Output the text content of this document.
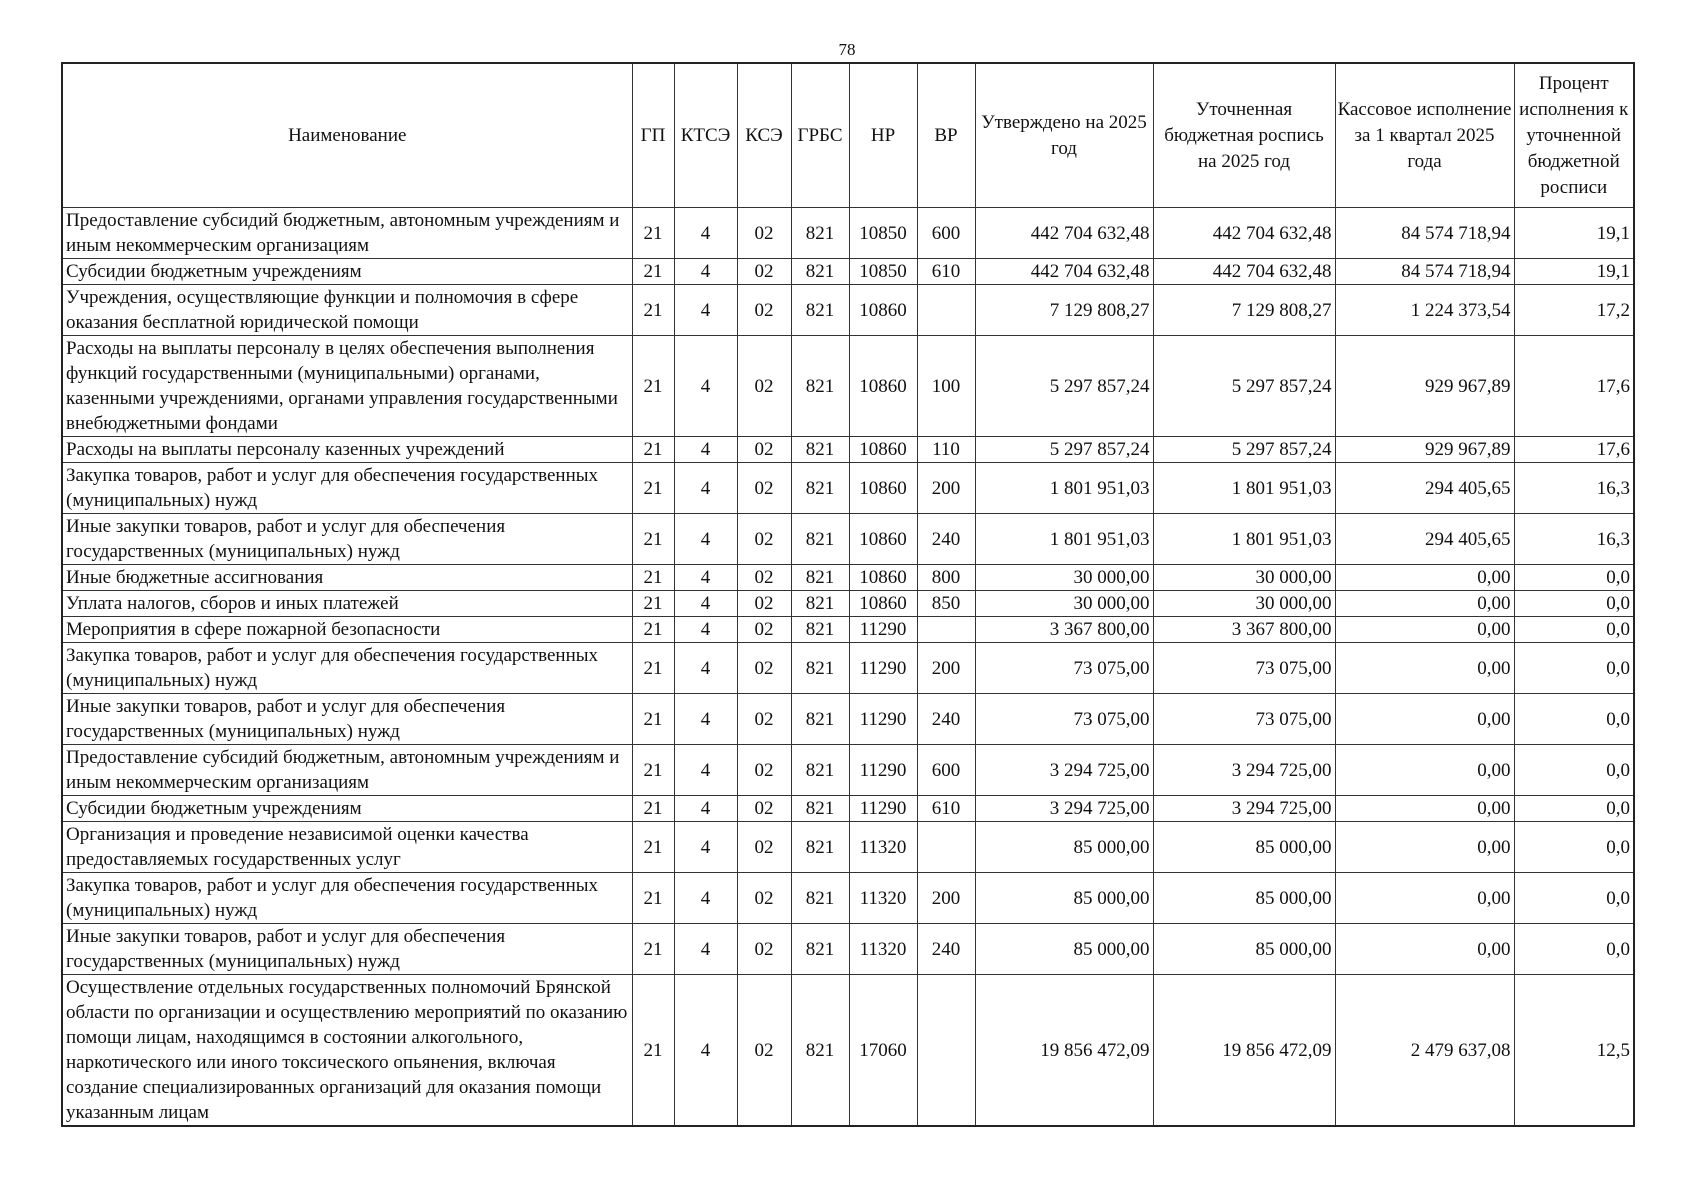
78
Наименование	ГП	КТСЭ	КСЭ	ГРБС	НР	ВР	Утверждено на 2025 год	Уточненная бюджетная роспись на 2025 год	Кассовое исполнение за 1 квартал 2025 года	Процент исполнения к уточненной бюджетной росписи
Предоставление субсидий бюджетным, автономным учреждениям и иным некоммерческим организациям	21	4	02	821	10850	600	442 704 632,48	442 704 632,48	84 574 718,94	19,1
Субсидии бюджетным учреждениям	21	4	02	821	10850	610	442 704 632,48	442 704 632,48	84 574 718,94	19,1
Учреждения, осуществляющие функции и полномочия в сфере оказания бесплатной юридической помощи	21	4	02	821	10860		7 129 808,27	7 129 808,27	1 224 373,54	17,2
Расходы на выплаты персоналу в целях обеспечения выполнения функций государственными (муниципальными) органами, казенными учреждениями, органами управления государственными внебюджетными фондами	21	4	02	821	10860	100	5 297 857,24	5 297 857,24	929 967,89	17,6
Расходы на выплаты персоналу казенных учреждений	21	4	02	821	10860	110	5 297 857,24	5 297 857,24	929 967,89	17,6
Закупка товаров, работ и услуг для обеспечения государственных (муниципальных) нужд	21	4	02	821	10860	200	1 801 951,03	1 801 951,03	294 405,65	16,3
Иные закупки товаров, работ и услуг для обеспечения государственных (муниципальных) нужд	21	4	02	821	10860	240	1 801 951,03	1 801 951,03	294 405,65	16,3
Иные бюджетные ассигнования	21	4	02	821	10860	800	30 000,00	30 000,00	0,00	0,0
Уплата налогов, сборов и иных платежей	21	4	02	821	10860	850	30 000,00	30 000,00	0,00	0,0
Мероприятия в сфере пожарной безопасности	21	4	02	821	11290		3 367 800,00	3 367 800,00	0,00	0,0
Закупка товаров, работ и услуг для обеспечения государственных (муниципальных) нужд	21	4	02	821	11290	200	73 075,00	73 075,00	0,00	0,0
Иные закупки товаров, работ и услуг для обеспечения государственных (муниципальных) нужд	21	4	02	821	11290	240	73 075,00	73 075,00	0,00	0,0
Предоставление субсидий бюджетным, автономным учреждениям и иным некоммерческим организациям	21	4	02	821	11290	600	3 294 725,00	3 294 725,00	0,00	0,0
Субсидии бюджетным учреждениям	21	4	02	821	11290	610	3 294 725,00	3 294 725,00	0,00	0,0
Организация и проведение независимой оценки качества предоставляемых государственных услуг	21	4	02	821	11320		85 000,00	85 000,00	0,00	0,0
Закупка товаров, работ и услуг для обеспечения государственных (муниципальных) нужд	21	4	02	821	11320	200	85 000,00	85 000,00	0,00	0,0
Иные закупки товаров, работ и услуг для обеспечения государственных (муниципальных) нужд	21	4	02	821	11320	240	85 000,00	85 000,00	0,00	0,0
Осуществление отдельных государственных полномочий Брянской области по организации и осуществлению мероприятий по оказанию помощи лицам, находящимся в состоянии алкогольного, наркотического или иного токсического опьянения, включая создание специализированных организаций для оказания помощи указанным лицам	21	4	02	821	17060		19 856 472,09	19 856 472,09	2 479 637,08	12,5
